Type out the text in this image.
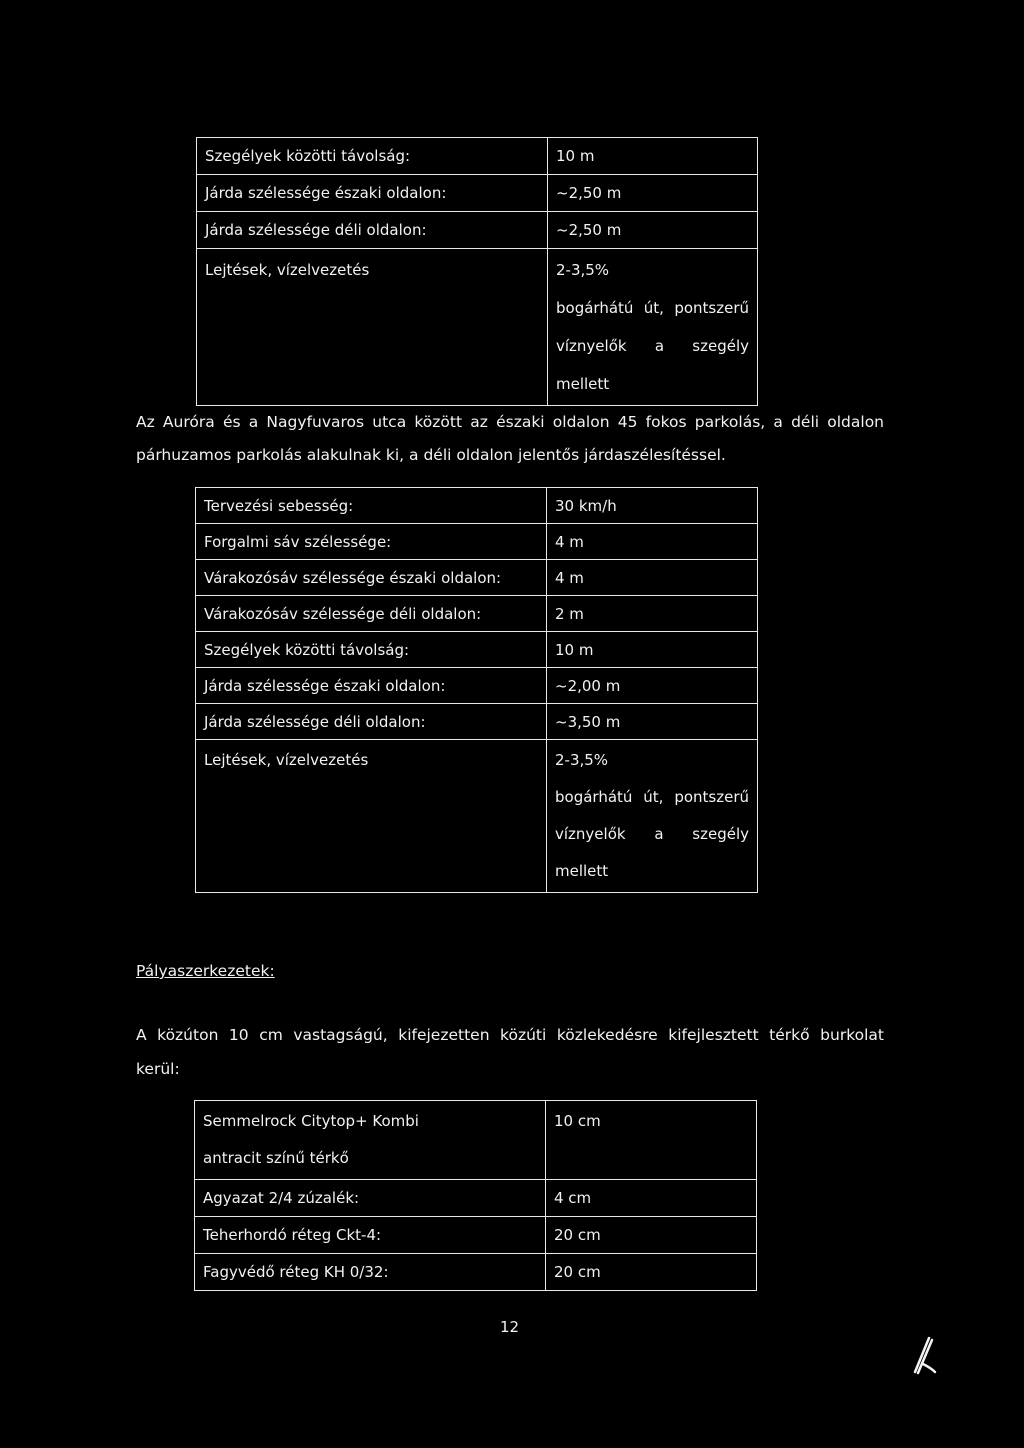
Szegélyek közötti távolság:	10 m
Járda szélessége északi oldalon:	~2,50 m
Járda szélessége déli oldalon:	~2,50 m

Lejtések, vízelvezetés	2-3,5%
bogárhátú út, pontszerű
víznyelők a szegély
mellett
Az Auróra és a Nagyfuvaros utca között az északi oldalon 45 fokos parkolás, a déli oldalon
párhuzamos parkolás alakulnak ki, a déli oldalon jelentős járdaszélesítéssel.
Tervezési sebesség:	30 km/h
Forgalmi sáv szélessége:	4 m
Várakozósáv szélessége északi oldalon:	4 m
Várakozósáv szélessége déli oldalon:	2 m
Szegélyek közötti távolság:	10 m
Járda szélessége északi oldalon:	~2,00 m
Járda szélessége déli oldalon:	~3,50 m

Lejtések, vízelvezetés	2-3,5%
bogárhátú út, pontszerű
víznyelők a szegély
mellett
Pályaszerkezetek:
A közúton 10 cm vastagságú, kifejezetten közúti közlekedésre kifejlesztett térkő burkolat
kerül:
Semmelrock Citytop+ Kombi
antracit színű térkő	10 cm

Agyazat 2/4 zúzalék:	4 cm
Teherhordó réteg Ckt-4:	20 cm
Fagyvédő réteg KH 0/32:	20 cm
12
